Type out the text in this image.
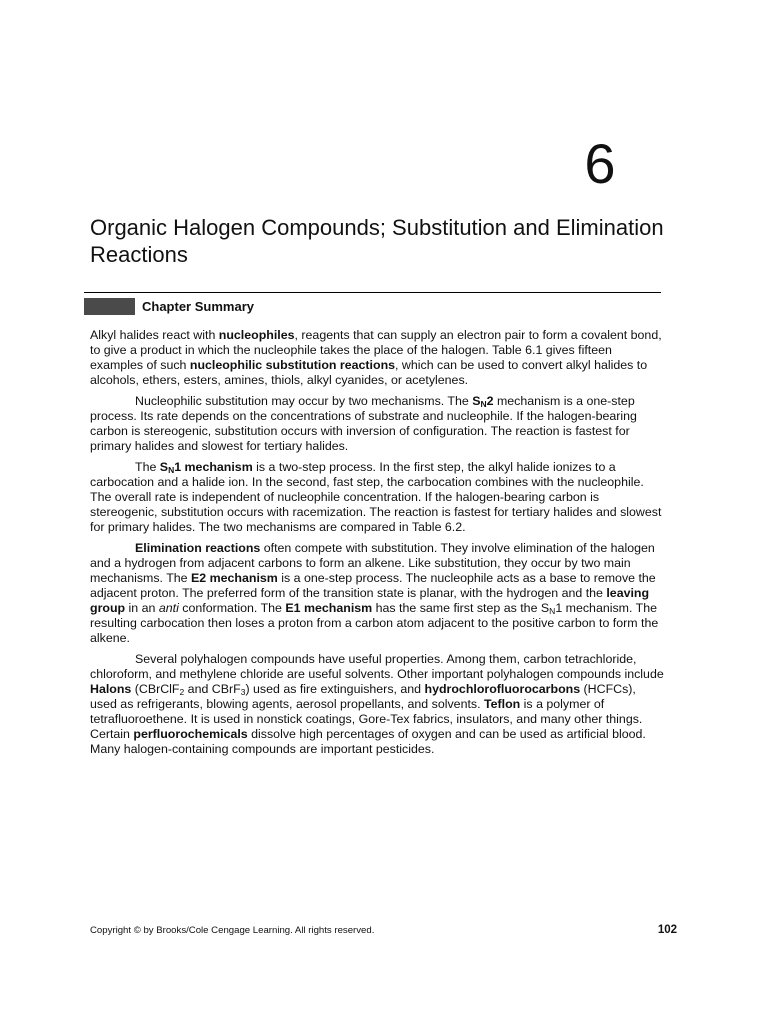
6
Organic Halogen Compounds; Substitution and Elimination Reactions
Chapter Summary

Alkyl halides react with nucleophiles, reagents that can supply an electron pair to form a covalent bond, to give a product in which the nucleophile takes the place of the halogen. Table 6.1 gives fifteen examples of such nucleophilic substitution reactions, which can be used to convert alkyl halides to alcohols, ethers, esters, amines, thiols, alkyl cyanides, or acetylenes.

Nucleophilic substitution may occur by two mechanisms. The $S_N2$ mechanism is a one-step process. Its rate depends on the concentrations of substrate and nucleophile. If the halogen-bearing carbon is stereogenic, substitution occurs with inversion of configuration. The reaction is fastest for primary halides and slowest for tertiary halides.

The $S_N1$ mechanism is a two-step process. In the first step, the alkyl halide ionizes to a carbocation and a halide ion. In the second, fast step, the carbocation combines with the nucleophile. The overall rate is independent of nucleophile concentration. If the halogen-bearing carbon is stereogenic, substitution occurs with racemization. The reaction is fastest for tertiary halides and slowest for primary halides. The two mechanisms are compared in Table 6.2.

Elimination reactions often compete with substitution. They involve elimination of the halogen and a hydrogen from adjacent carbons to form an alkene. Like substitution, they occur by two main mechanisms. The E2 mechanism is a one-step process. The nucleophile acts as a base to remove the adjacent proton. The preferred form of the transition state is planar, with the hydrogen and the leaving group in an anti conformation. The E1 mechanism has the same first step as the $S_N1$ mechanism. The resulting carbocation then loses a proton from a carbon atom adjacent to the positive carbon to form the alkene.

Several polyhalogen compounds have useful properties. Among them, carbon tetrachloride, chloroform, and methylene chloride are useful solvents. Other important polyhalogen compounds include Halons (CBrClF$_2$ and CBrF$_3$) used as fire extinguishers, and hydrochlorofluorocarbons (HCFCs), used as refrigerants, blowing agents, aerosol propellants, and solvents. Teflon is a polymer of tetrafluoroethene. It is used in nonstick coatings, Gore-Tex fabrics, insulators, and many other things. Certain perfluorochemicals dissolve high percentages of oxygen and can be used as artificial blood. Many halogen-containing compounds are important pesticides.

Copyright © by Brooks/Cole Cengage Learning. All rights reserved.	102
